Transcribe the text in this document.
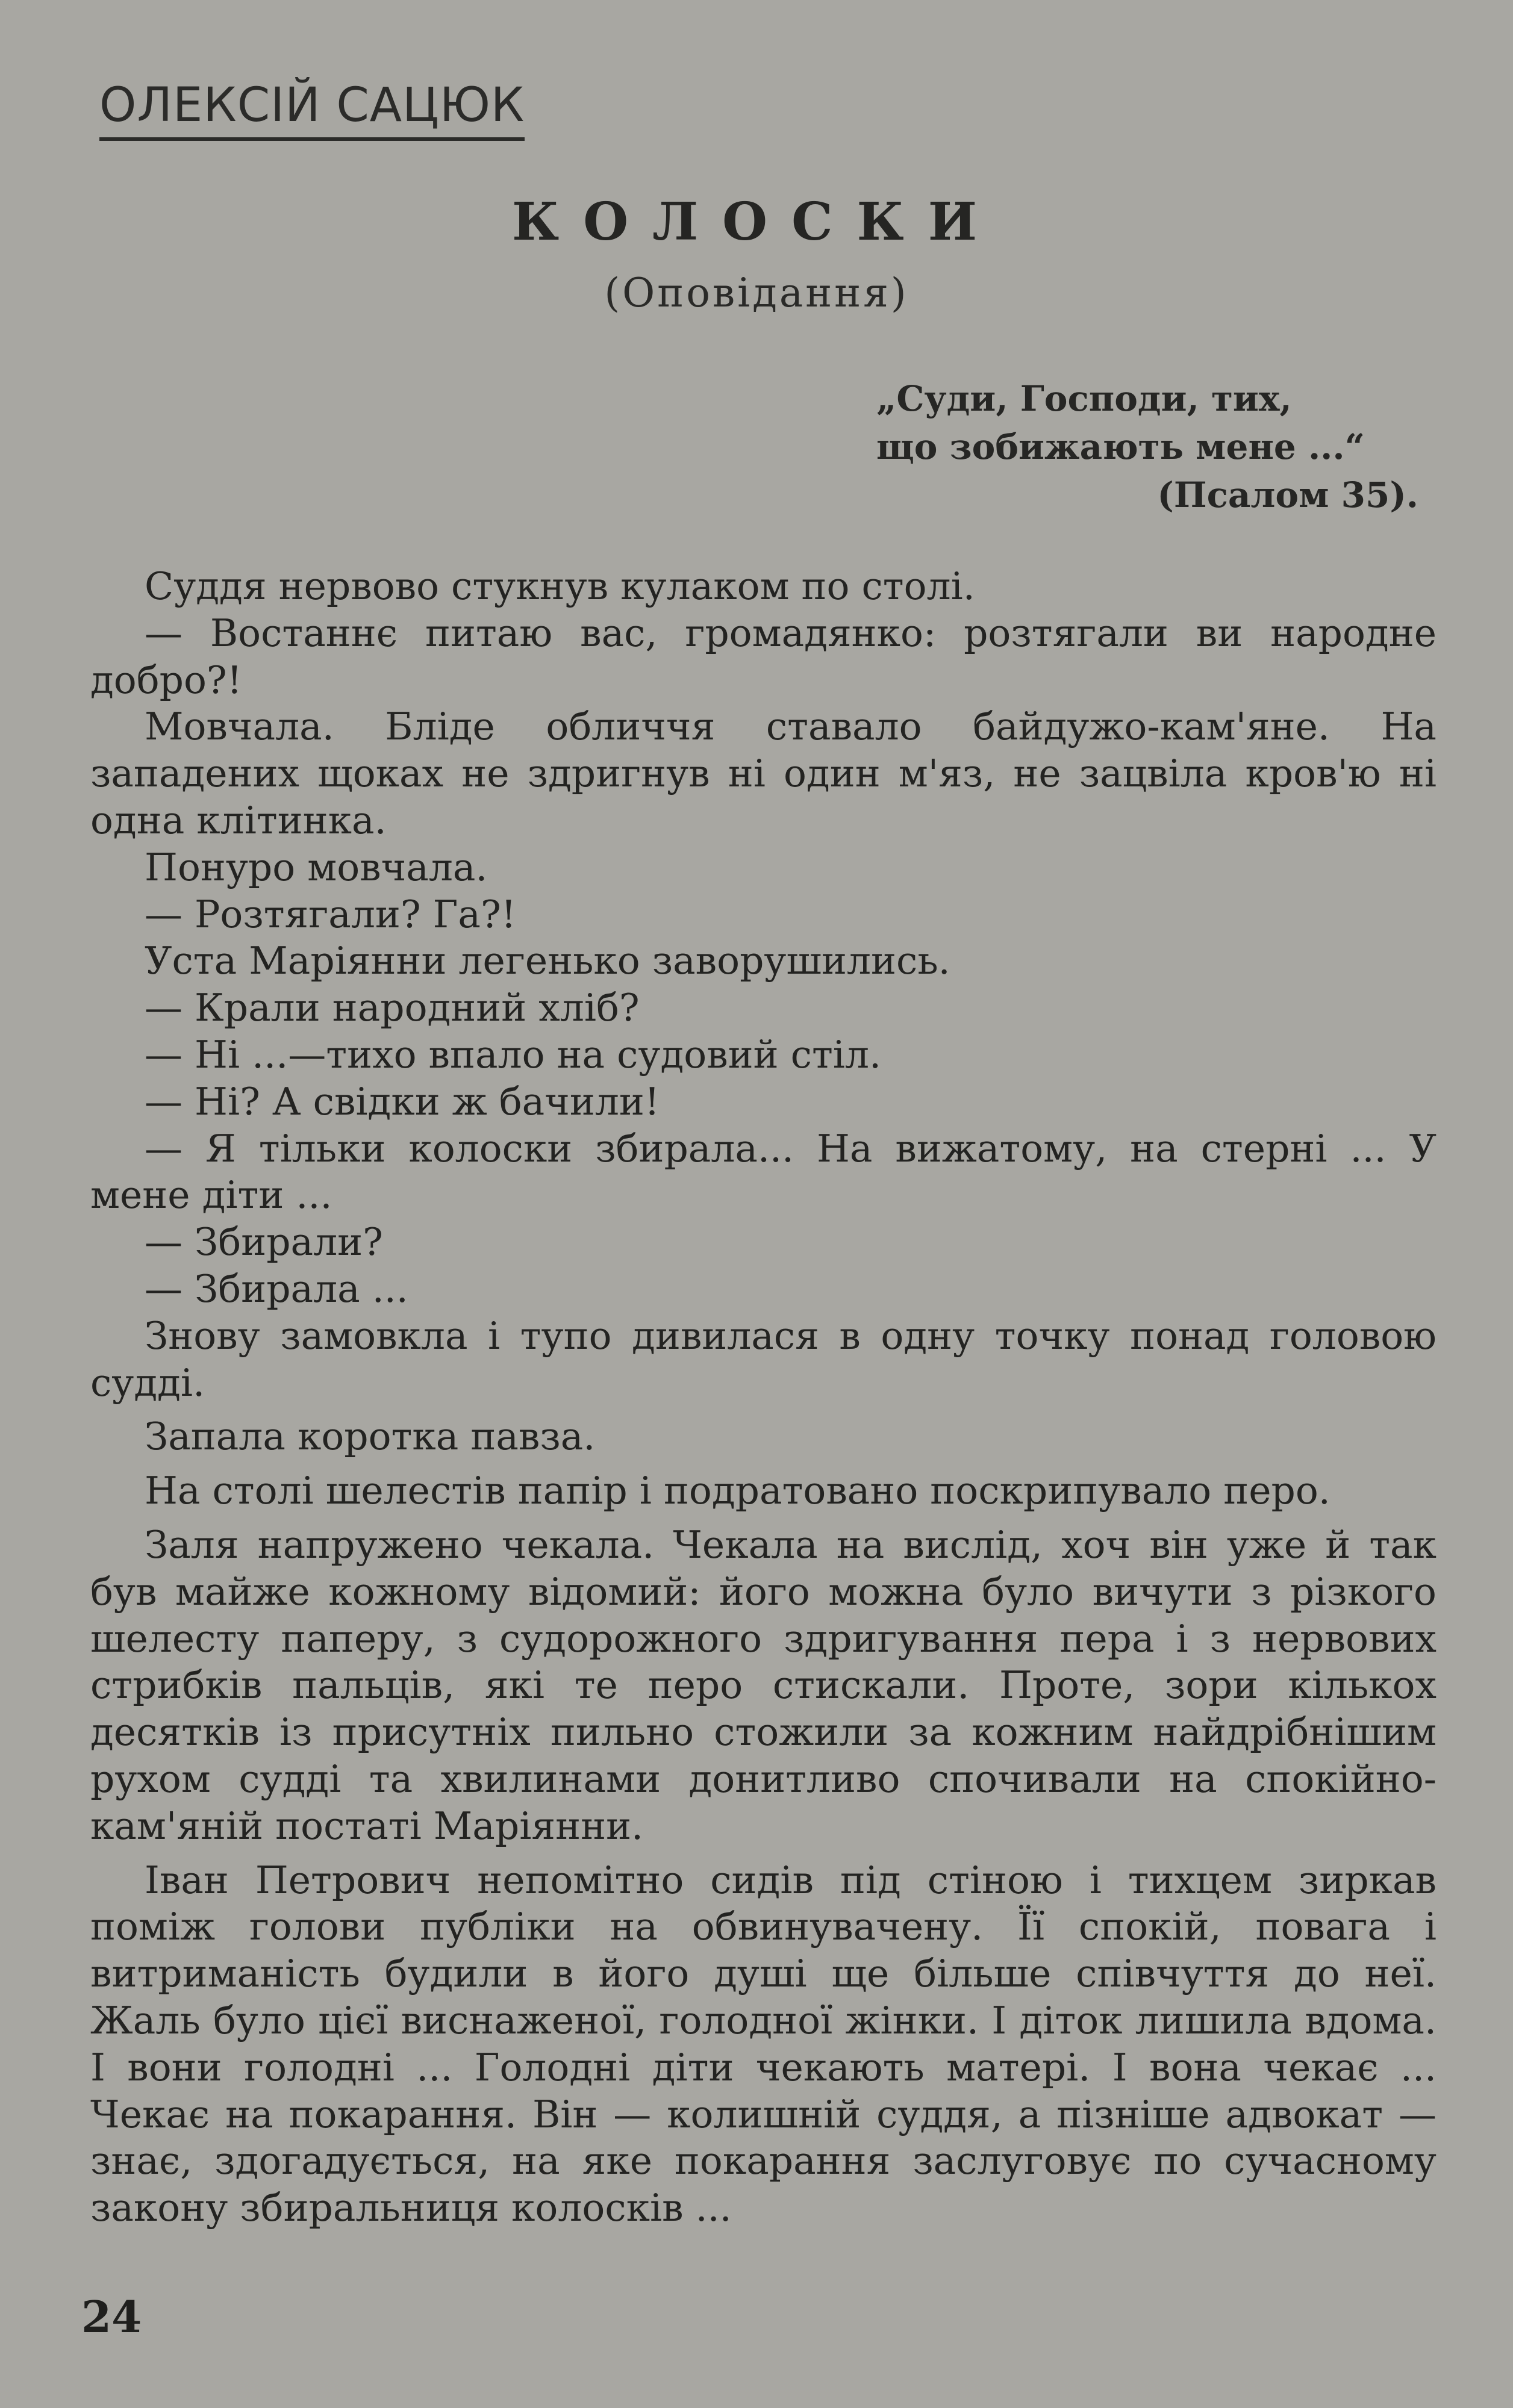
ОЛЕКСІЙ САЦЮК
КОЛОСКИ
(Оповідання)
„Суди, Господи, тих,
що зобижають мене ...“
(Псалом 35).

Суддя нервово стукнув кулаком по столі.

— Востаннє питаю вас, громадянко: розтягали ви народне добро?!

Мовчала. Бліде обличчя ставало байдужо-кам'яне. На западених щоках не здригнув ні один м'яз, не зацвіла кров'ю ні одна клітинка.

Понуро мовчала.

— Розтягали? Га?!

Уста Маріянни легенько заворушились.

— Крали народний хліб?

— Ні ...—тихо впало на судовий стіл.

— Ні? А свідки ж бачили!

— Я тільки колоски збирала... На вижатому, на стерні ... У мене діти ...

— Збирали?

— Збирала ...

Знову замовкла і тупо дивилася в одну точку понад головою судді.

Запала коротка павза.

На столі шелестів папір і подратовано поскрипувало перо.

Заля напружено чекала. Чекала на вислід, хоч він уже й так був майже кожному відомий: його можна було вичути з різкого шелесту паперу, з судорожного здригування пера і з нервових стрибків пальців, які те перо стискали. Проте, зори кількох десятків із присутніх пильно стожили за кожним найдрібнішим рухом судді та хвилинами донитливо спочивали на спокійно-кам'яній постаті Маріянни.

Іван Петрович непомітно сидів під стіною і тихцем зиркав поміж голови публіки на обвинувачену. Її спокій, повага і витриманість будили в його душі ще більше співчуття до неї. Жаль було цієї виснаженої, голодної жінки. І діток лишила вдома. І вони голодні ... Голодні діти чекають матері. І вона чекає ... Чекає на покарання. Він — колишній суддя, а пізніше адвокат — знає, здогадується, на яке покарання заслуговує по сучасному закону збиральниця колосків ...

24
